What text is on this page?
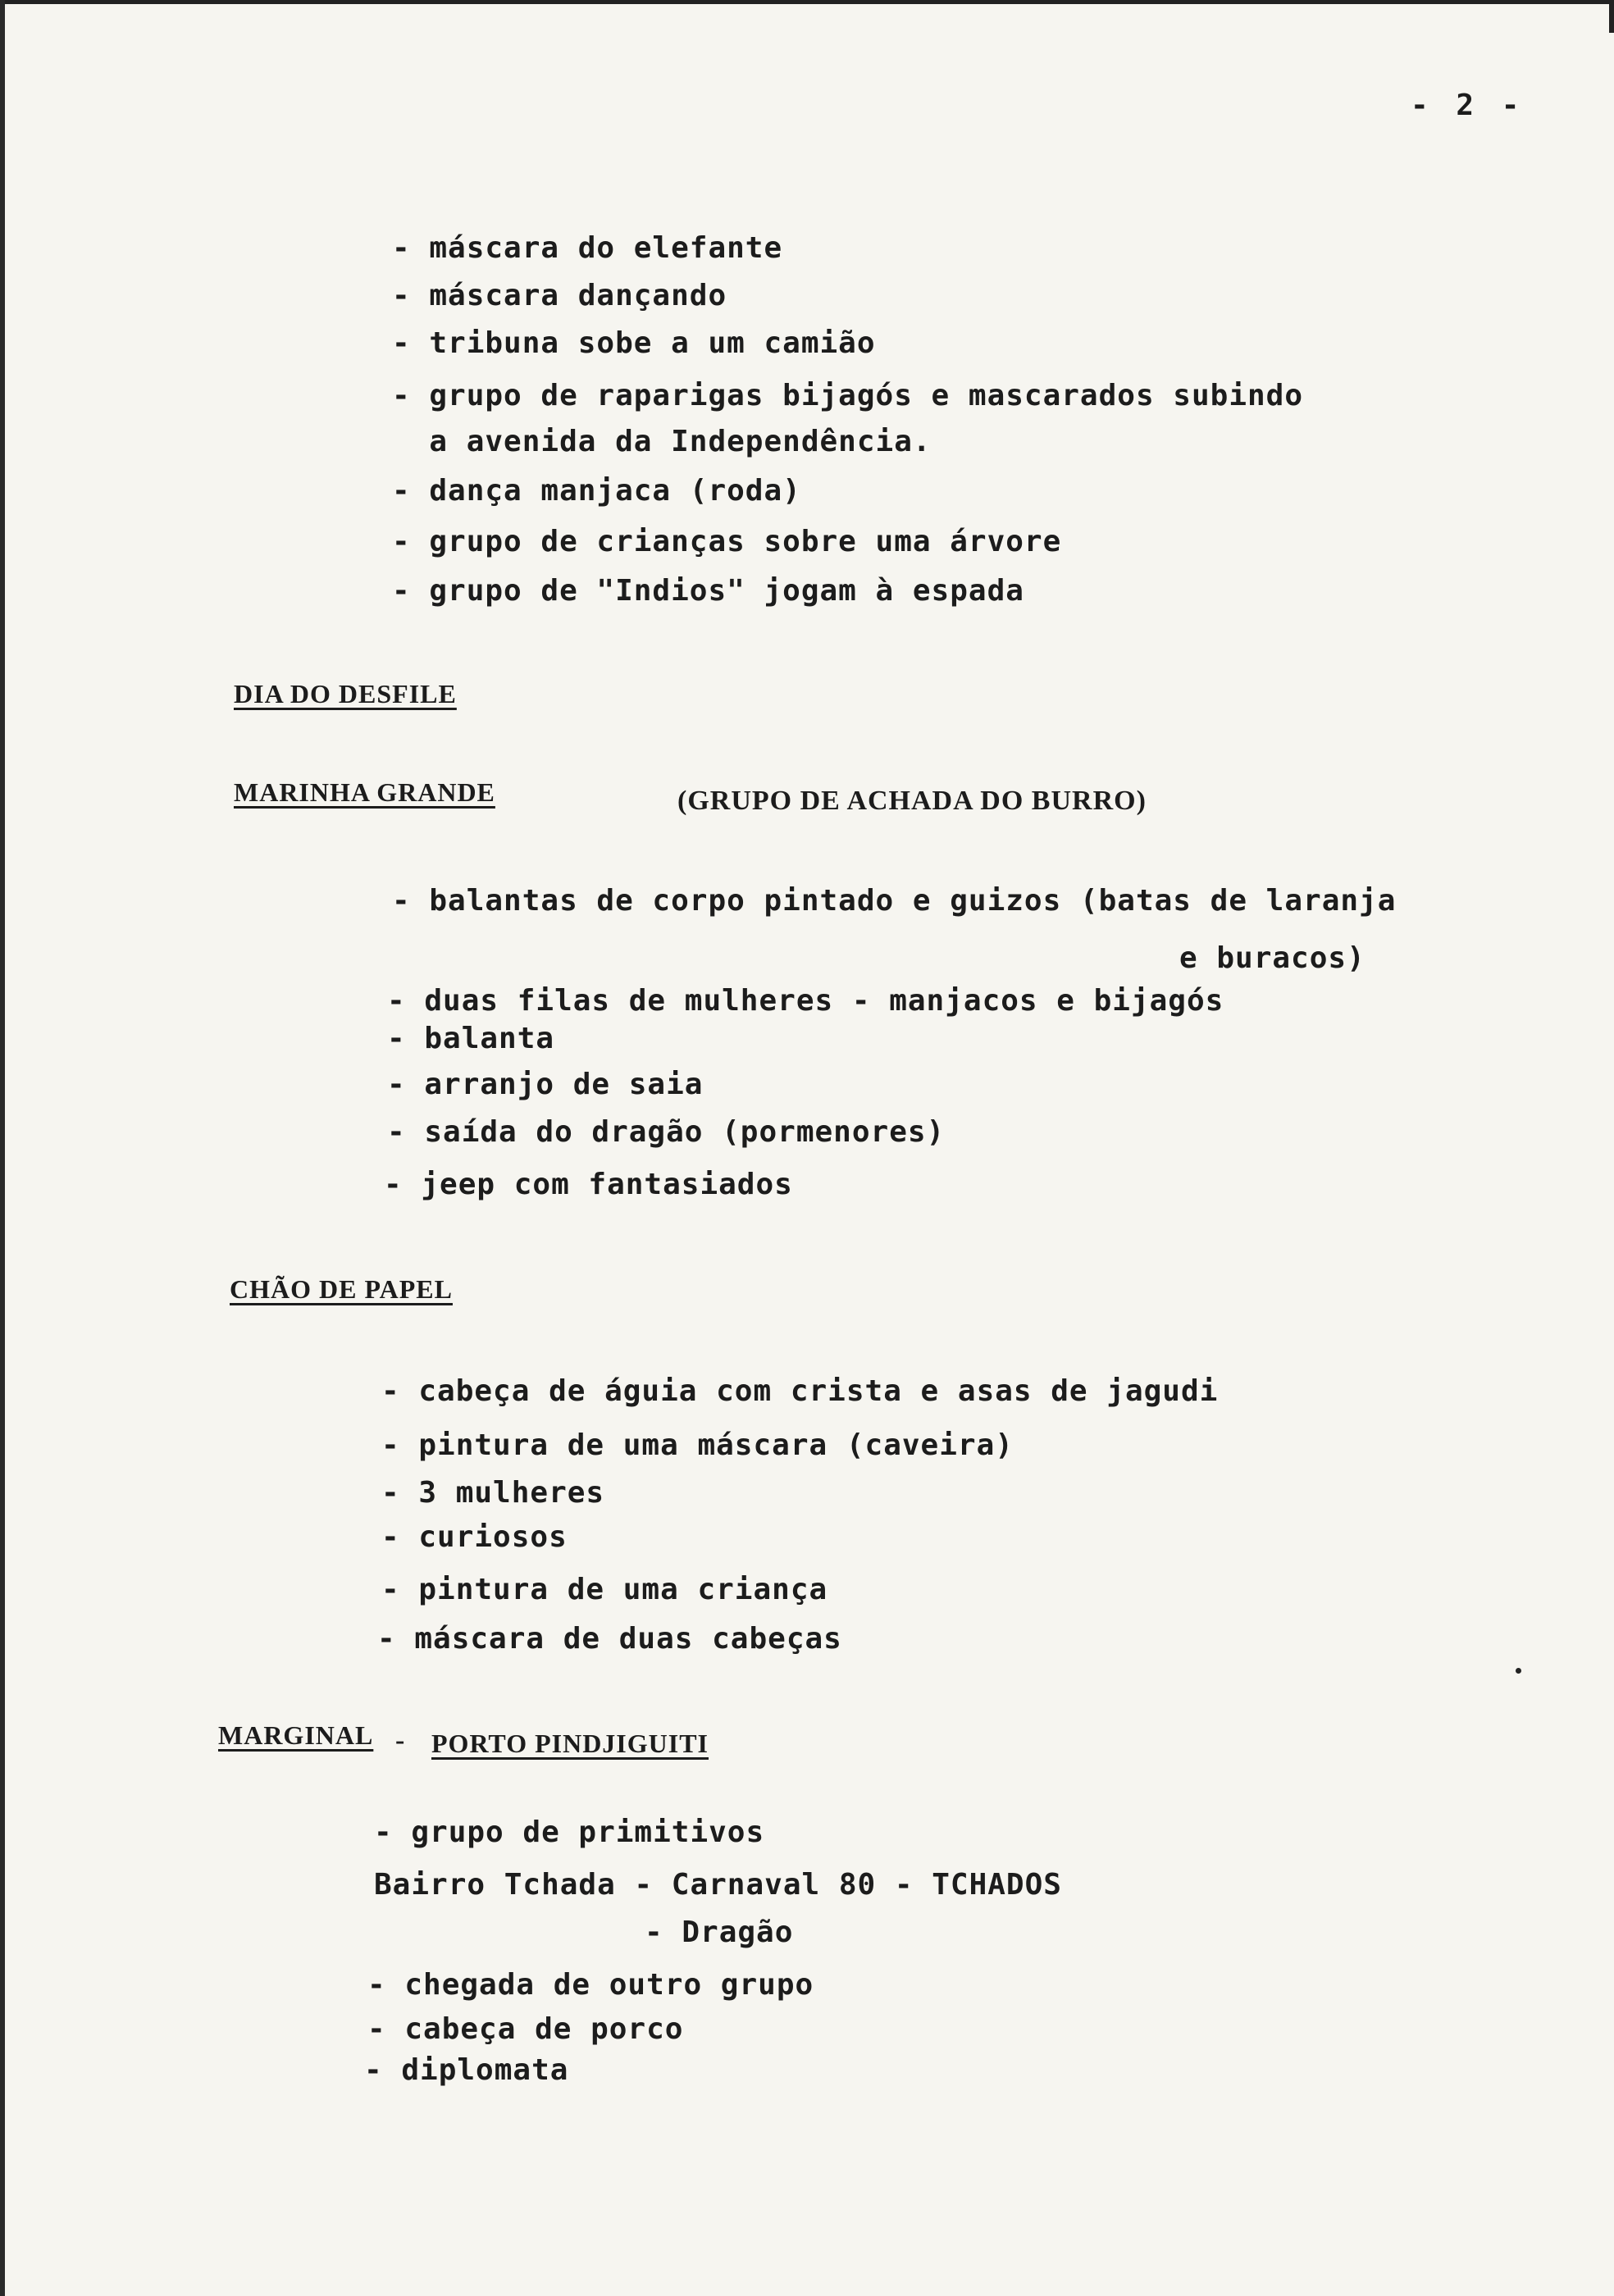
- 2 -
- máscara do elefante
- máscara dançando
- tribuna sobe a um camião
- grupo de raparigas bijagós e mascarados subindo
a avenida da Independência.
- dança manjaca (roda)
- grupo de crianças sobre uma árvore
- grupo de "Indios" jogam à espada
DIA DO DESFILE
MARINHA GRANDE	(GRUPO DE ACHADA DO BURRO)
- balantas de corpo pintado e guizos (batas de laranja
e buracos)
- duas filas de mulheres - manjacos e bijagós
- balanta
- arranjo de saia
- saída do dragão (pormenores)
- jeep com fantasiados
CHÃO DE PAPEL
- cabeça de águia com crista e asas de jagudi
- pintura de uma máscara (caveira)
- 3 mulheres
- curiosos
- pintura de uma criança
- máscara de duas cabeças
MARGINAL - PORTO PINDJIGUITI
- grupo de primitivos
Bairro Tchada - Carnaval 80 - TCHADOS
- Dragão
- chegada de outro grupo
- cabeça de porco
- diplomata
